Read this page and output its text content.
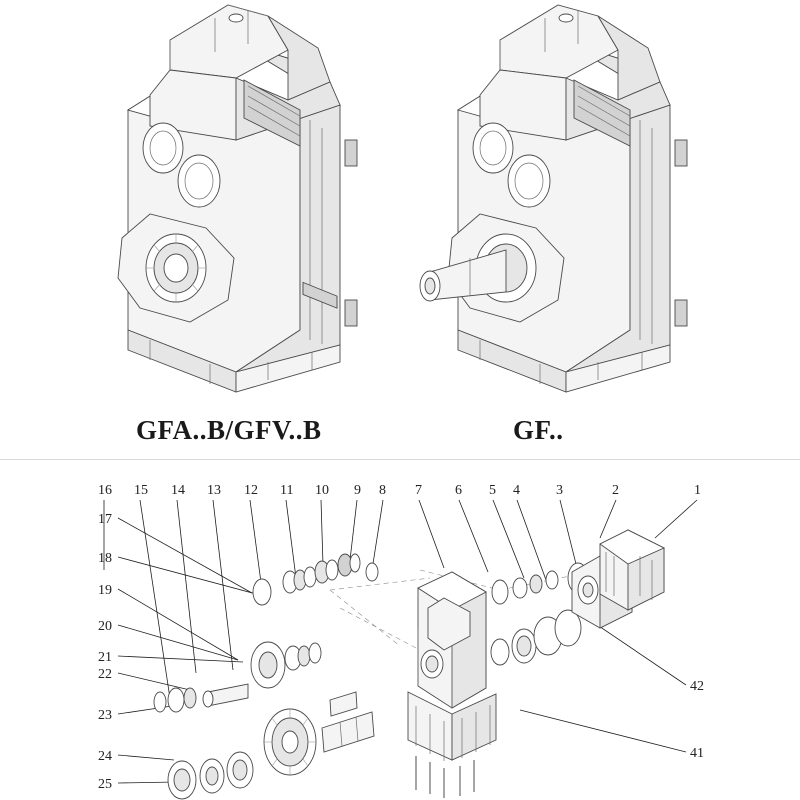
GFA..B/GFV..B	GF..
16 15 14 13 12 11 10 9 8 7 6 5 4	3	2	1
17
18
19
20
21
22
23
24
25
42
41
